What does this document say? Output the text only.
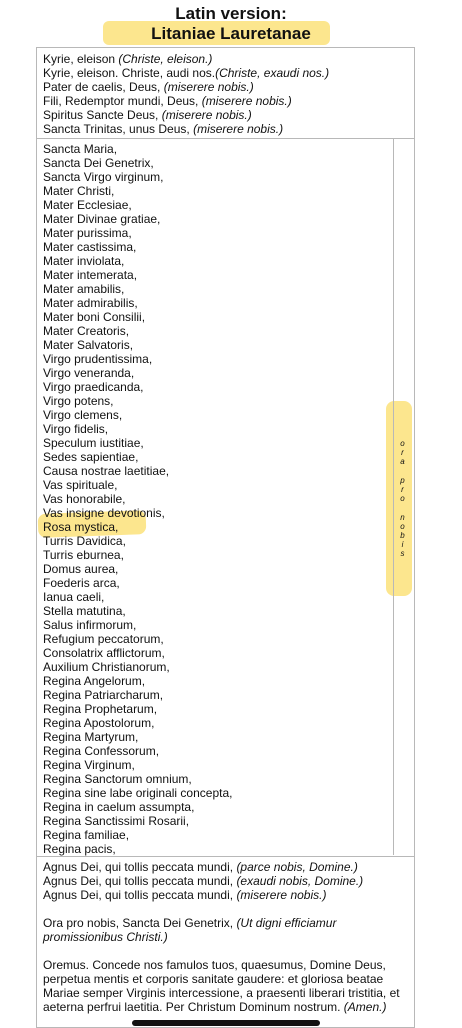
Latin version:
Litaniae Lauretanae
Kyrie, eleison (Christe, eleison.)
Kyrie, eleison. Christe, audi nos.(Christe, exaudi nos.)
Pater de caelis, Deus, (miserere nobis.)
Fili, Redemptor mundi, Deus, (miserere nobis.)
Spiritus Sancte Deus, (miserere nobis.)
Sancta Trinitas, unus Deus, (miserere nobis.)
Sancta Maria,
Sancta Dei Genetrix,
Sancta Virgo virginum,
Mater Christi,
Mater Ecclesiae,
Mater Divinae gratiae,
Mater purissima,
Mater castissima,
Mater inviolata,
Mater intemerata,
Mater amabilis,
Mater admirabilis,
Mater boni Consilii,
Mater Creatoris,
Mater Salvatoris,
Virgo prudentissima,
Virgo veneranda,
Virgo praedicanda,
Virgo potens,
Virgo clemens,
Virgo fidelis,
Speculum iustitiae,
Sedes sapientiae,
Causa nostrae laetitiae,
Vas spirituale,
Vas honorabile,
Vas insigne devotionis,
Rosa mystica,
Turris Davidica,
Turris eburnea,
Domus aurea,
Foederis arca,
Ianua caeli,
Stella matutina,
Salus infirmorum,
Refugium peccatorum,
Consolatrix afflictorum,
Auxilium Christianorum,
Regina Angelorum,
Regina Patriarcharum,
Regina Prophetarum,
Regina Apostolorum,
Regina Martyrum,
Regina Confessorum,
Regina Virginum,
Regina Sanctorum omnium,
Regina sine labe originali concepta,
Regina in caelum assumpta,
Regina Sanctissimi Rosarii,
Regina familiae,
Regina pacis,
o
r
a
p
r
o
n
o
b
i
s
Agnus Dei, qui tollis peccata mundi, (parce nobis, Domine.)
Agnus Dei, qui tollis peccata mundi, (exaudi nobis, Domine.)
Agnus Dei, qui tollis peccata mundi, (miserere nobis.)
Ora pro nobis, Sancta Dei Genetrix, (Ut digni efficiamur promissionibus Christi.)
Oremus. Concede nos famulos tuos, quaesumus, Domine Deus, perpetua mentis et corporis sanitate gaudere: et gloriosa beatae Mariae semper Virginis intercessione, a praesenti liberari tristitia, et aeterna perfrui laetitia. Per Christum Dominum nostrum. (Amen.)
